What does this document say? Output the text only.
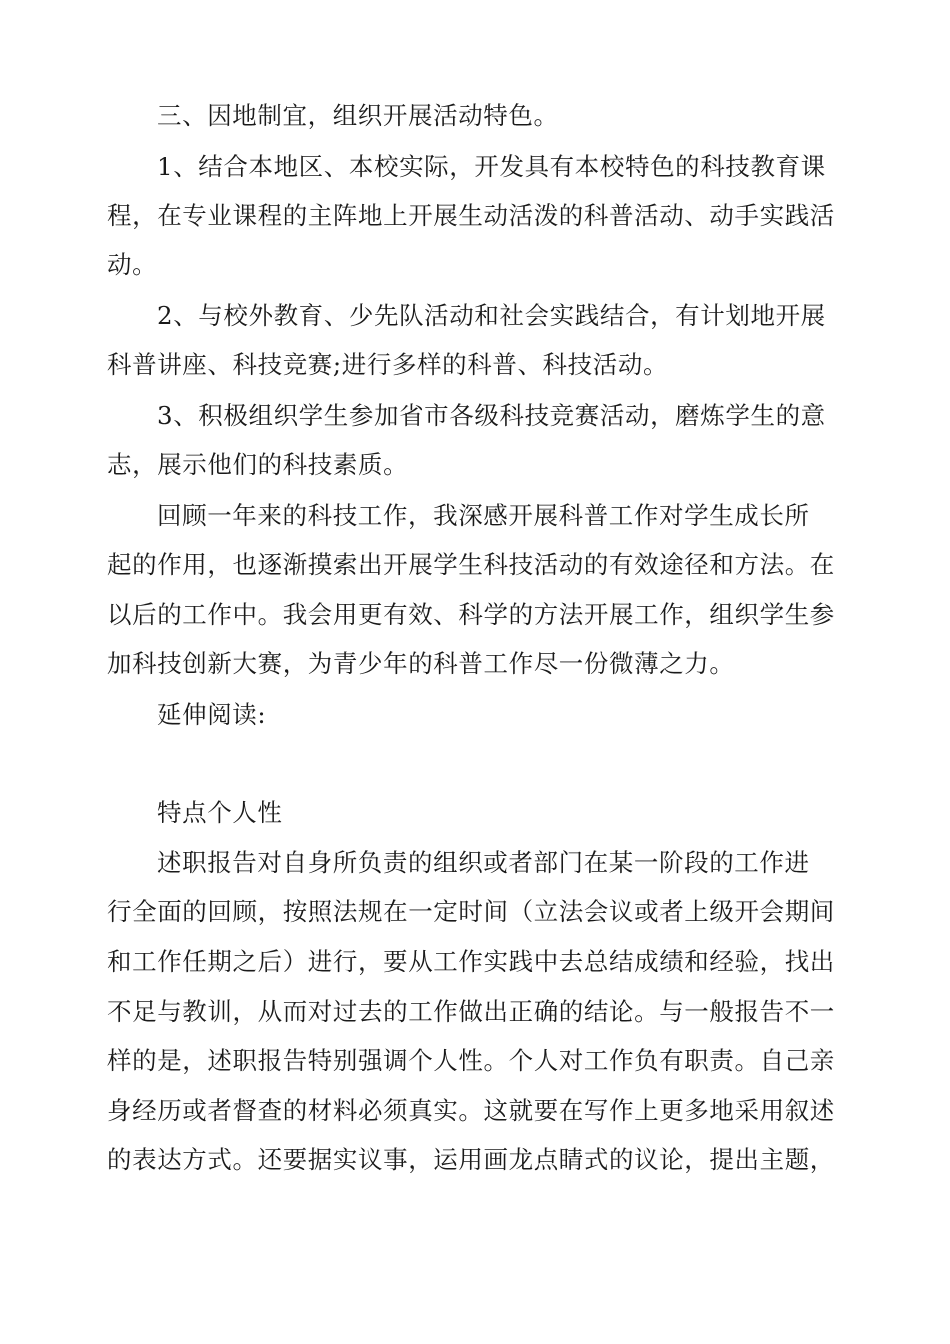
三、因地制宜，组织开展活动特色。
1、结合本地区、本校实际，开发具有本校特色的科技教育课
程，在专业课程的主阵地上开展生动活泼的科普活动、动手实践活
动。
2、与校外教育、少先队活动和社会实践结合，有计划地开展
科普讲座、科技竞赛;进行多样的科普、科技活动。
3、积极组织学生参加省市各级科技竞赛活动，磨炼学生的意
志，展示他们的科技素质。
回顾一年来的科技工作，我深感开展科普工作对学生成长所
起的作用，也逐渐摸索出开展学生科技活动的有效途径和方法。在
以后的工作中。我会用更有效、科学的方法开展工作，组织学生参
加科技创新大赛，为青少年的科普工作尽一份微薄之力。
延伸阅读:
特点个人性
述职报告对自身所负责的组织或者部门在某一阶段的工作进
行全面的回顾，按照法规在一定时间（立法会议或者上级开会期间
和工作任期之后）进行，要从工作实践中去总结成绩和经验，找出
不足与教训，从而对过去的工作做出正确的结论。与一般报告不一
样的是，述职报告特别强调个人性。个人对工作负有职责。自己亲
身经历或者督查的材料必须真实。这就要在写作上更多地采用叙述
的表达方式。还要据实议事，运用画龙点睛式的议论，提出主题，
